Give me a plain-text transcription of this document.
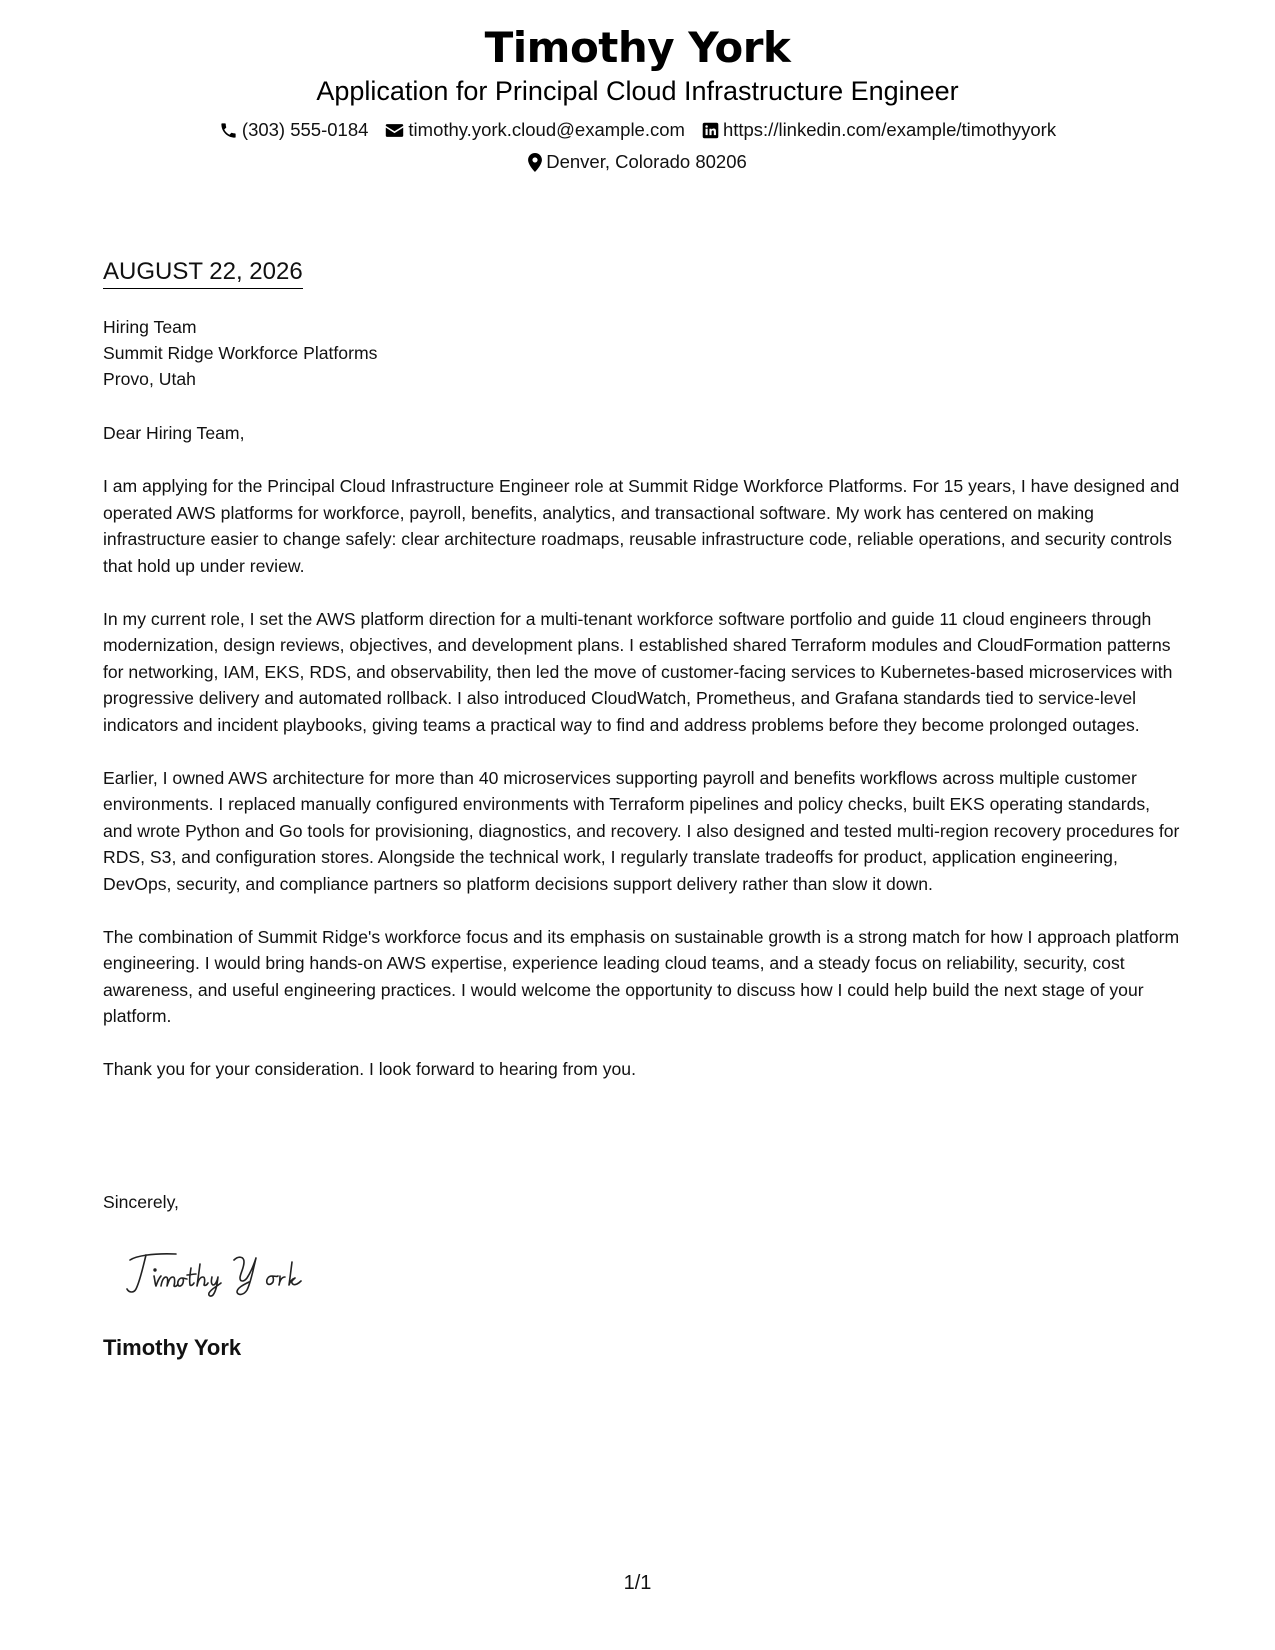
Timothy York
Application for Principal Cloud Infrastructure Engineer
(303) 555-0184 timothy.york.cloud@example.com https://linkedin.com/example/timothyyork
Denver, Colorado 80206
AUGUST 22, 2026
Hiring Team
Summit Ridge Workforce Platforms
Provo, Utah

Dear Hiring Team,

I am applying for the Principal Cloud Infrastructure Engineer role at Summit Ridge Workforce Platforms. For 15 years, I have designed and operated AWS platforms for workforce, payroll, benefits, analytics, and transactional software. My work has centered on making infrastructure easier to change safely: clear architecture roadmaps, reusable infrastructure code, reliable operations, and security controls that hold up under review.

In my current role, I set the AWS platform direction for a multi-tenant workforce software portfolio and guide 11 cloud engineers through modernization, design reviews, objectives, and development plans. I established shared Terraform modules and CloudFormation patterns for networking, IAM, EKS, RDS, and observability, then led the move of customer-facing services to Kubernetes-based microservices with progressive delivery and automated rollback. I also introduced CloudWatch, Prometheus, and Grafana standards tied to service-level indicators and incident playbooks, giving teams a practical way to find and address problems before they become prolonged outages.

Earlier, I owned AWS architecture for more than 40 microservices supporting payroll and benefits workflows across multiple customer environments. I replaced manually configured environments with Terraform pipelines and policy checks, built EKS operating standards, and wrote Python and Go tools for provisioning, diagnostics, and recovery. I also designed and tested multi-region recovery procedures for RDS, S3, and configuration stores. Alongside the technical work, I regularly translate tradeoffs for product, application engineering, DevOps, security, and compliance partners so platform decisions support delivery rather than slow it down.

The combination of Summit Ridge's workforce focus and its emphasis on sustainable growth is a strong match for how I approach platform engineering. I would bring hands-on AWS expertise, experience leading cloud teams, and a steady focus on reliability, security, cost awareness, and useful engineering practices. I would welcome the opportunity to discuss how I could help build the next stage of your platform.

Thank you for your consideration. I look forward to hearing from you.

Sincerely,
Timothy York
1/1
